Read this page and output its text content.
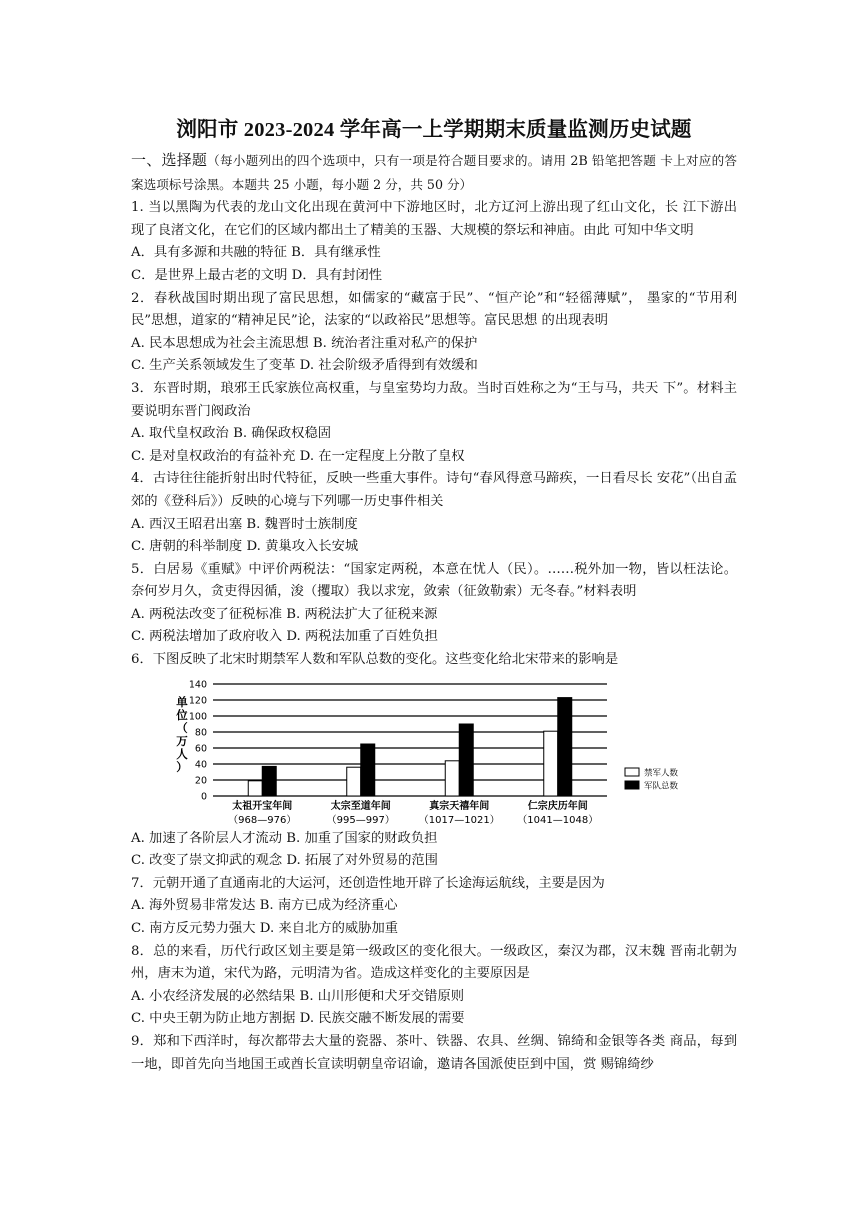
浏阳市 2023-2024 学年高一上学期期末质量监测历史试题

一、选择题（每小题列出的四个选项中，只有一项是符合题目要求的。请用 2B 铅笔把答题 卡上对应的答案选项标号涂黑。本题共 25 小题，每小题 2 分，共 50 分）

1. 当以黑陶为代表的龙山文化出现在黄河中下游地区时，北方辽河上游出现了红山文化，长 江下游出现了良渚文化，在它们的区域内都出土了精美的玉器、大规模的祭坛和神庙。由此 可知中华文明

A．具有多源和共融的特征 B．具有继承性

C．是世界上最古老的文明 D．具有封闭性

2．春秋战国时期出现了富民思想，如儒家的“藏富于民”、“恒产论”和“轻徭薄赋”， 墨家的“节用利民”思想，道家的“精神足民”论，法家的“以政裕民”思想等。富民思想 的出现表明

A. 民本思想成为社会主流思想 B. 统治者注重对私产的保护

C. 生产关系领域发生了变革 D. 社会阶级矛盾得到有效缓和

3．东晋时期，琅邪王氏家族位高权重，与皇室势均力敌。当时百姓称之为“王与马，共天 下”。材料主要说明东晋门阀政治

A. 取代皇权政治 B. 确保政权稳固

C. 是对皇权政治的有益补充 D. 在一定程度上分散了皇权

4．古诗往往能折射出时代特征，反映一些重大事件。诗句“春风得意马蹄疾，一日看尽长 安花”（出自孟郊的《登科后》）反映的心境与下列哪一历史事件相关

A. 西汉王昭君出塞 B. 魏晋时士族制度

C. 唐朝的科举制度 D. 黄巢攻入长安城

5．白居易《重赋》中评价两税法：“国家定两税，本意在忧人（民）。……税外加一物，皆以枉法论。奈何岁月久，贪吏得因循，浚（攫取）我以求宠，敛索（征敛勒索）无冬春。”材料表明

A. 两税法改变了征税标准 B. 两税法扩大了征税来源

C. 两税法增加了政府收入 D. 两税法加重了百姓负担

6．下图反映了北宋时期禁军人数和军队总数的变化。这些变化给北宋带来的影响是

0
20
40
60
80
100
120
140
单
位
（
万
人
）
太祖开宝年间
（968—976）
太宗至道年间
（995—997）
真宗天禧年间
（1017—1021）
仁宗庆历年间
（1041—1048）
禁军人数
军队总数

A. 加速了各阶层人才流动 B. 加重了国家的财政负担

C. 改变了崇文抑武的观念 D. 拓展了对外贸易的范围

7．元朝开通了直通南北的大运河，还创造性地开辟了长途海运航线，主要是因为

A. 海外贸易非常发达 B. 南方已成为经济重心

C. 南方反元势力强大 D. 来自北方的威胁加重

8．总的来看，历代行政区划主要是第一级政区的变化很大。一级政区，秦汉为郡，汉末魏 晋南北朝为州，唐末为道，宋代为路，元明清为省。造成这样变化的主要原因是

A. 小农经济发展的必然结果 B. 山川形便和犬牙交错原则

C. 中央王朝为防止地方割据 D. 民族交融不断发展的需要

9．郑和下西洋时，每次都带去大量的瓷器、茶叶、铁器、农具、丝绸、锦绮和金银等各类 商品，每到一地，即首先向当地国王或酋长宣读明朝皇帝诏谕，邀请各国派使臣到中国，赏 赐锦绮纱
